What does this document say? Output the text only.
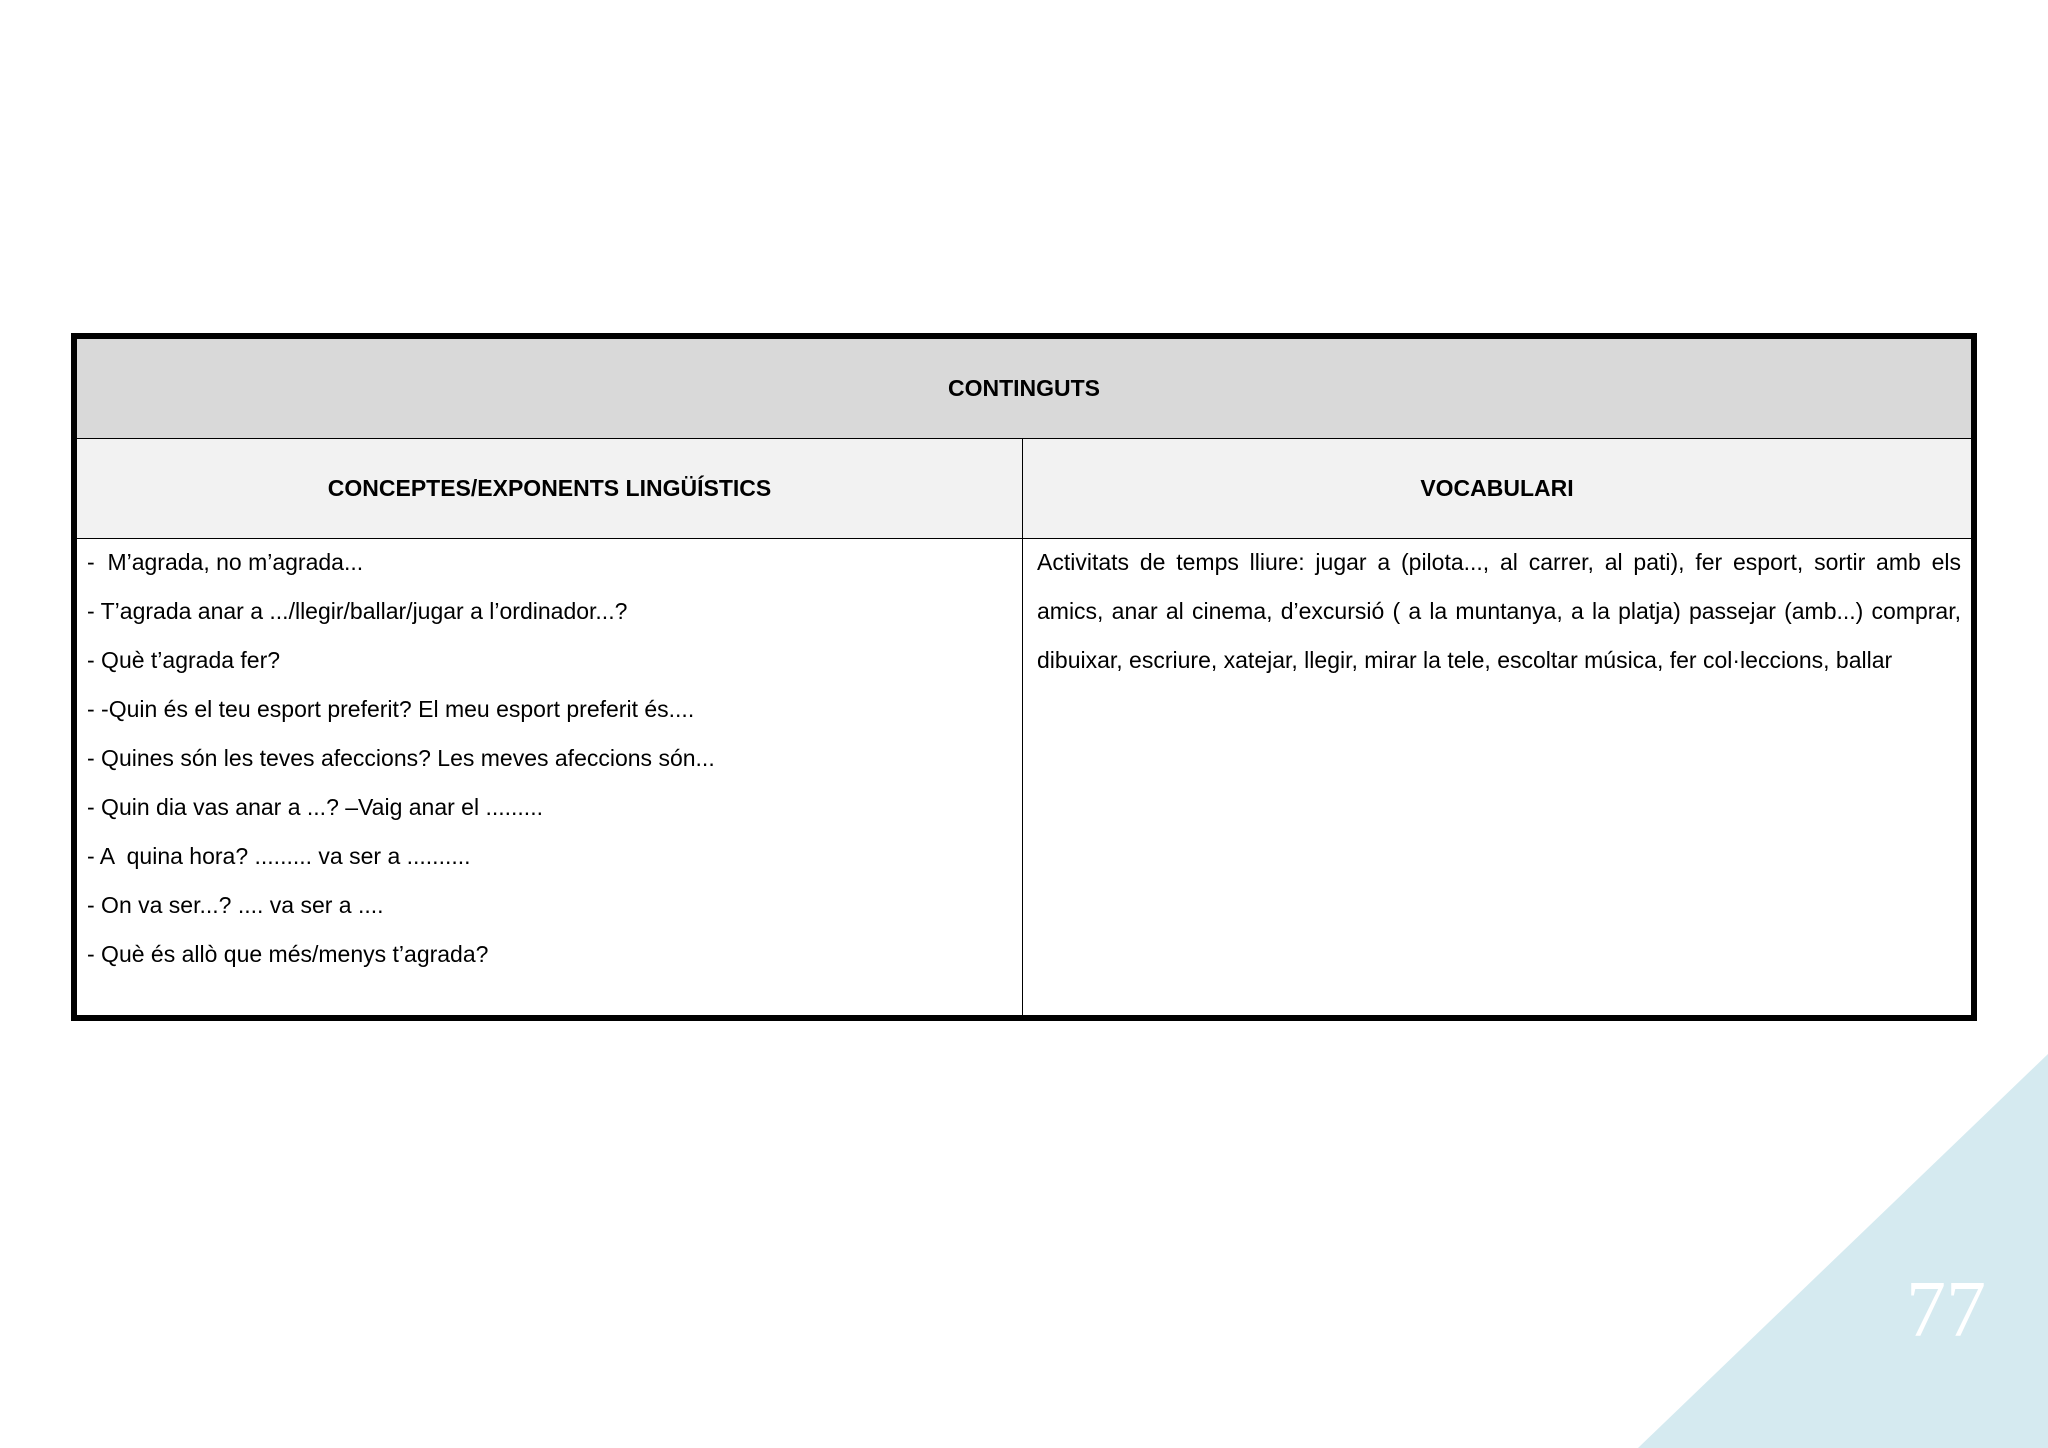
CONTINGUTS
CONCEPTES/EXPONENTS LINGÜÍSTICS	VOCABULARI
-  M’agrada, no m’agrada...
- T’agrada anar a .../llegir/ballar/jugar a l’ordinador...?
- Què t’agrada fer?
- -Quin és el teu esport preferit? El meu esport preferit és....
- Quines són les teves afeccions? Les meves afeccions són...
- Quin dia vas anar a ...? –Vaig anar el .........
- A  quina hora? ......... va ser a ..........
- On va ser...? .... va ser a ....
- Què és allò que més/menys t’agrada?

Activitats de temps lliure: jugar a (pilota..., al carrer, al pati), fer esport, sortir amb els amics, anar al cinema, d’excursió ( a la muntanya, a la platja) passejar (amb...) comprar, dibuixar, escriure, xatejar, llegir, mirar la tele, escoltar música, fer col·leccions, ballar

77
